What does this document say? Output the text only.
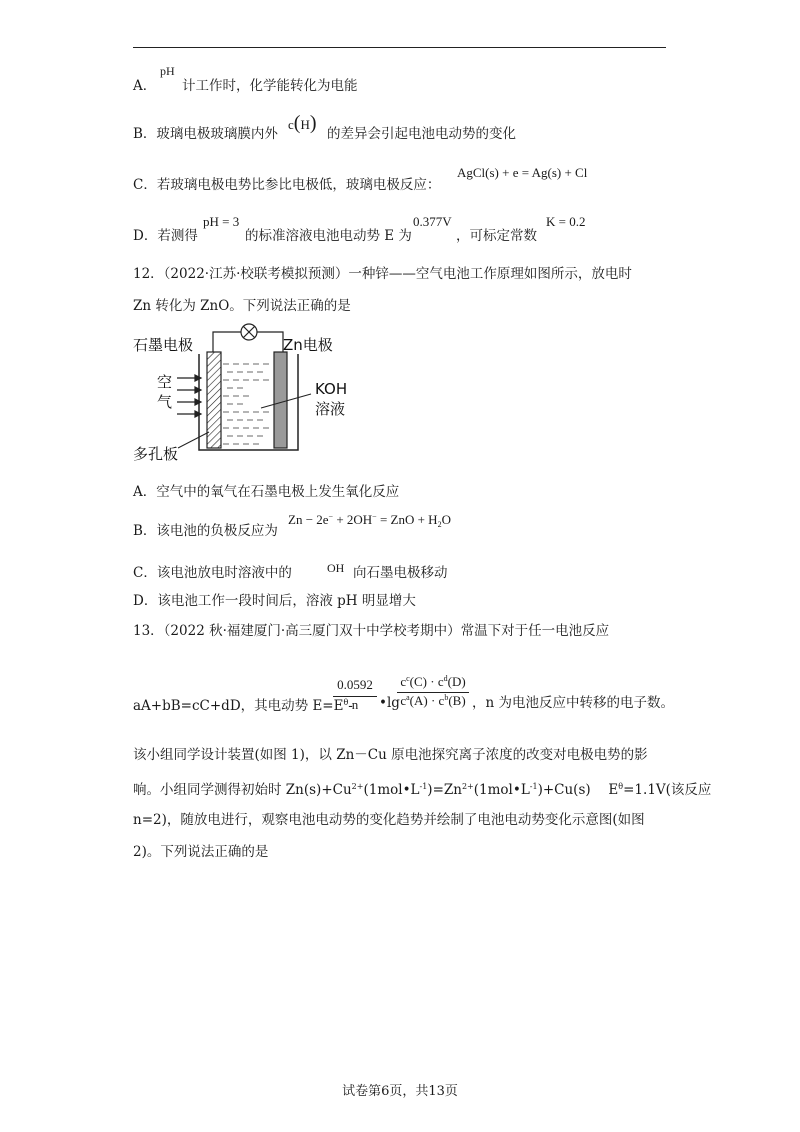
A．
pH
计工作时，化学能转化为电能
B．玻璃电极玻璃膜内外
c(H) 的差异会引起电池电动势的变化
C．若玻璃电极电势比参比电极低，玻璃电极反应：
AgCl(s) + e = Ag(s) + Cl
D．若测得
pH = 3
的标准溶液电池电动势 E 为
0.377V
，可标定常数
K = 0.2
12．（2022·江苏·校联考模拟预测）一种锌——空气电池工作原理如图所示，放电时
Zn 转化为 ZnO。下列说法正确的是
石墨电极	Zn电极
空
气
KOH
溶液
多孔板
A．空气中的氧气在石墨电极上发生氧化反应
B．该电池的负极反应为
Zn − 2e− + 2OH− = ZnO + $H_2O$
C．该电池放电时溶液中的	OH 向石墨电极移动
D．该电池工作一段时间后，溶液 pH 明显增大
13．（2022 秋·福建厦门·高三厦门双十中学校考期中）常温下对于任一电池反应
aA+bB=cC+dD，其电动势 $E=E^\theta-$
0.0592
n	•lg
$c^c(C) \cdot c^d(D)$
$c^a(A) \cdot c^b(B)$ ，n 为电池反应中转移的电子数。
该小组同学设计装置(如图 1)，以 Zn－Cu 原电池探究离子浓度的改变对电极电势的影
响。小组同学测得初始时 $Zn(s)+Cu^{2+}(1mol•L^{-1})=Zn^{2+}(1mol•L^{-1})+Cu(s)$　 $E^\theta=1.1V$(该反应
n=2)，随放电进行，观察电池电动势的变化趋势并绘制了电池电动势变化示意图(如图
2)。下列说法正确的是
试卷第6页，共13页
